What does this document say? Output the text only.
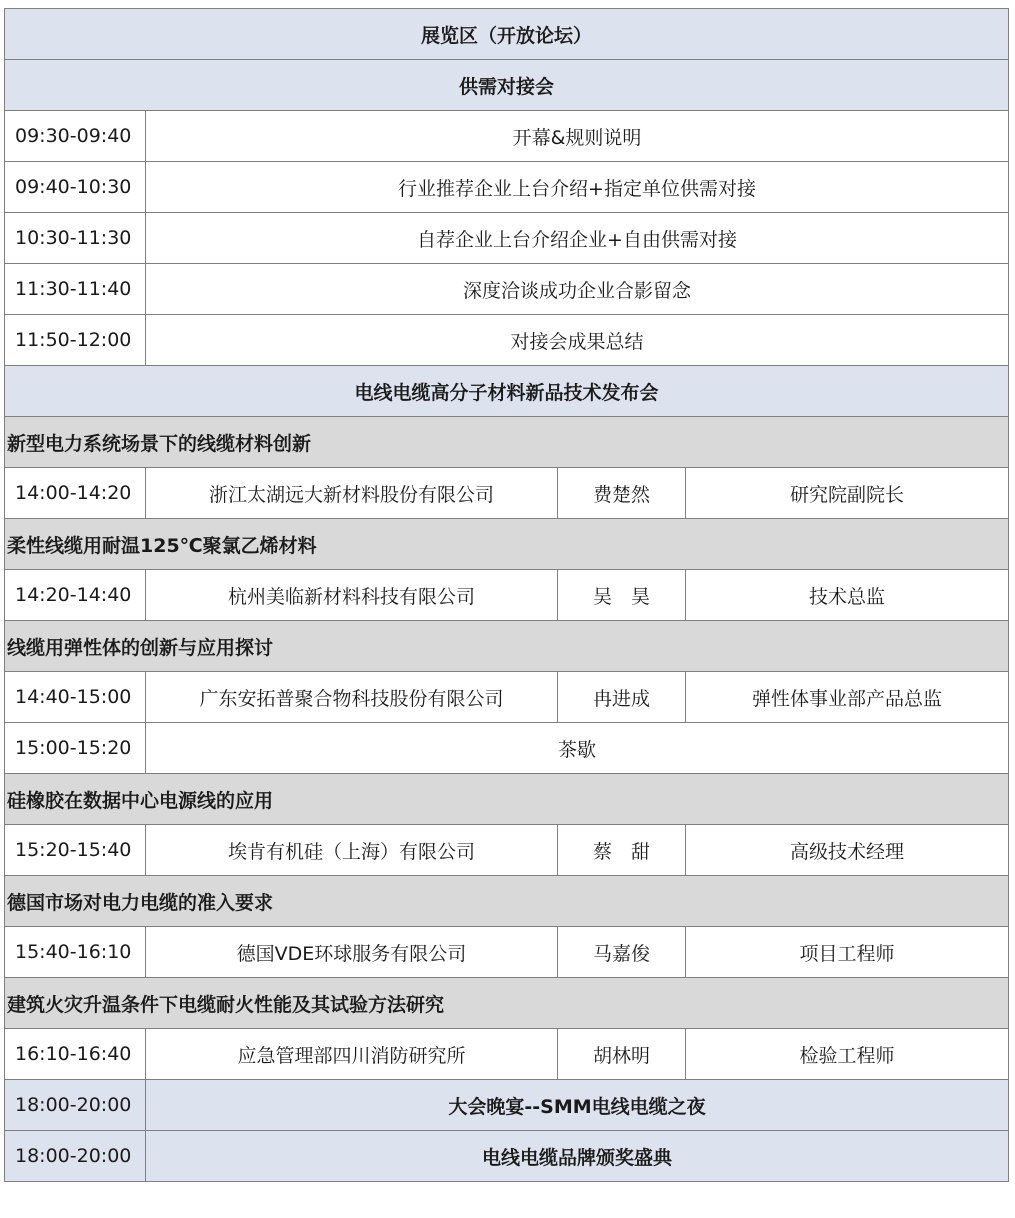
展览区（开放论坛）			
供需对接会			
09:30-09:40	开幕&规则说明		
09:40-10:30	行业推荐企业上台介绍+指定单位供需对接		
10:30-11:30	自荐企业上台介绍企业+自由供需对接		
11:30-11:40	深度洽谈成功企业合影留念		
11:50-12:00	对接会成果总结		
电线电缆高分子材料新品技术发布会			
新型电力系统场景下的线缆材料创新			
14:00-14:20	浙江太湖远大新材料股份有限公司	费楚然	研究院副院长
柔性线缆用耐温125℃聚氯乙烯材料			
14:20-14:40	杭州美临新材料科技有限公司	吴　昊	技术总监
线缆用弹性体的创新与应用探讨			
14:40-15:00	广东安拓普聚合物科技股份有限公司	冉进成	弹性体事业部产品总监
15:00-15:20	茶歇		
硅橡胶在数据中心电源线的应用			
15:20-15:40	埃肯有机硅（上海）有限公司	蔡　甜	高级技术经理
德国市场对电力电缆的准入要求			
15:40-16:10	德国VDE环球服务有限公司	马嘉俊	项目工程师
建筑火灾升温条件下电缆耐火性能及其试验方法研究			
16:10-16:40	应急管理部四川消防研究所	胡林明	检验工程师
18:00-20:00	大会晚宴--SMM电线电缆之夜		
18:00-20:00	电线电缆品牌颁奖盛典		
